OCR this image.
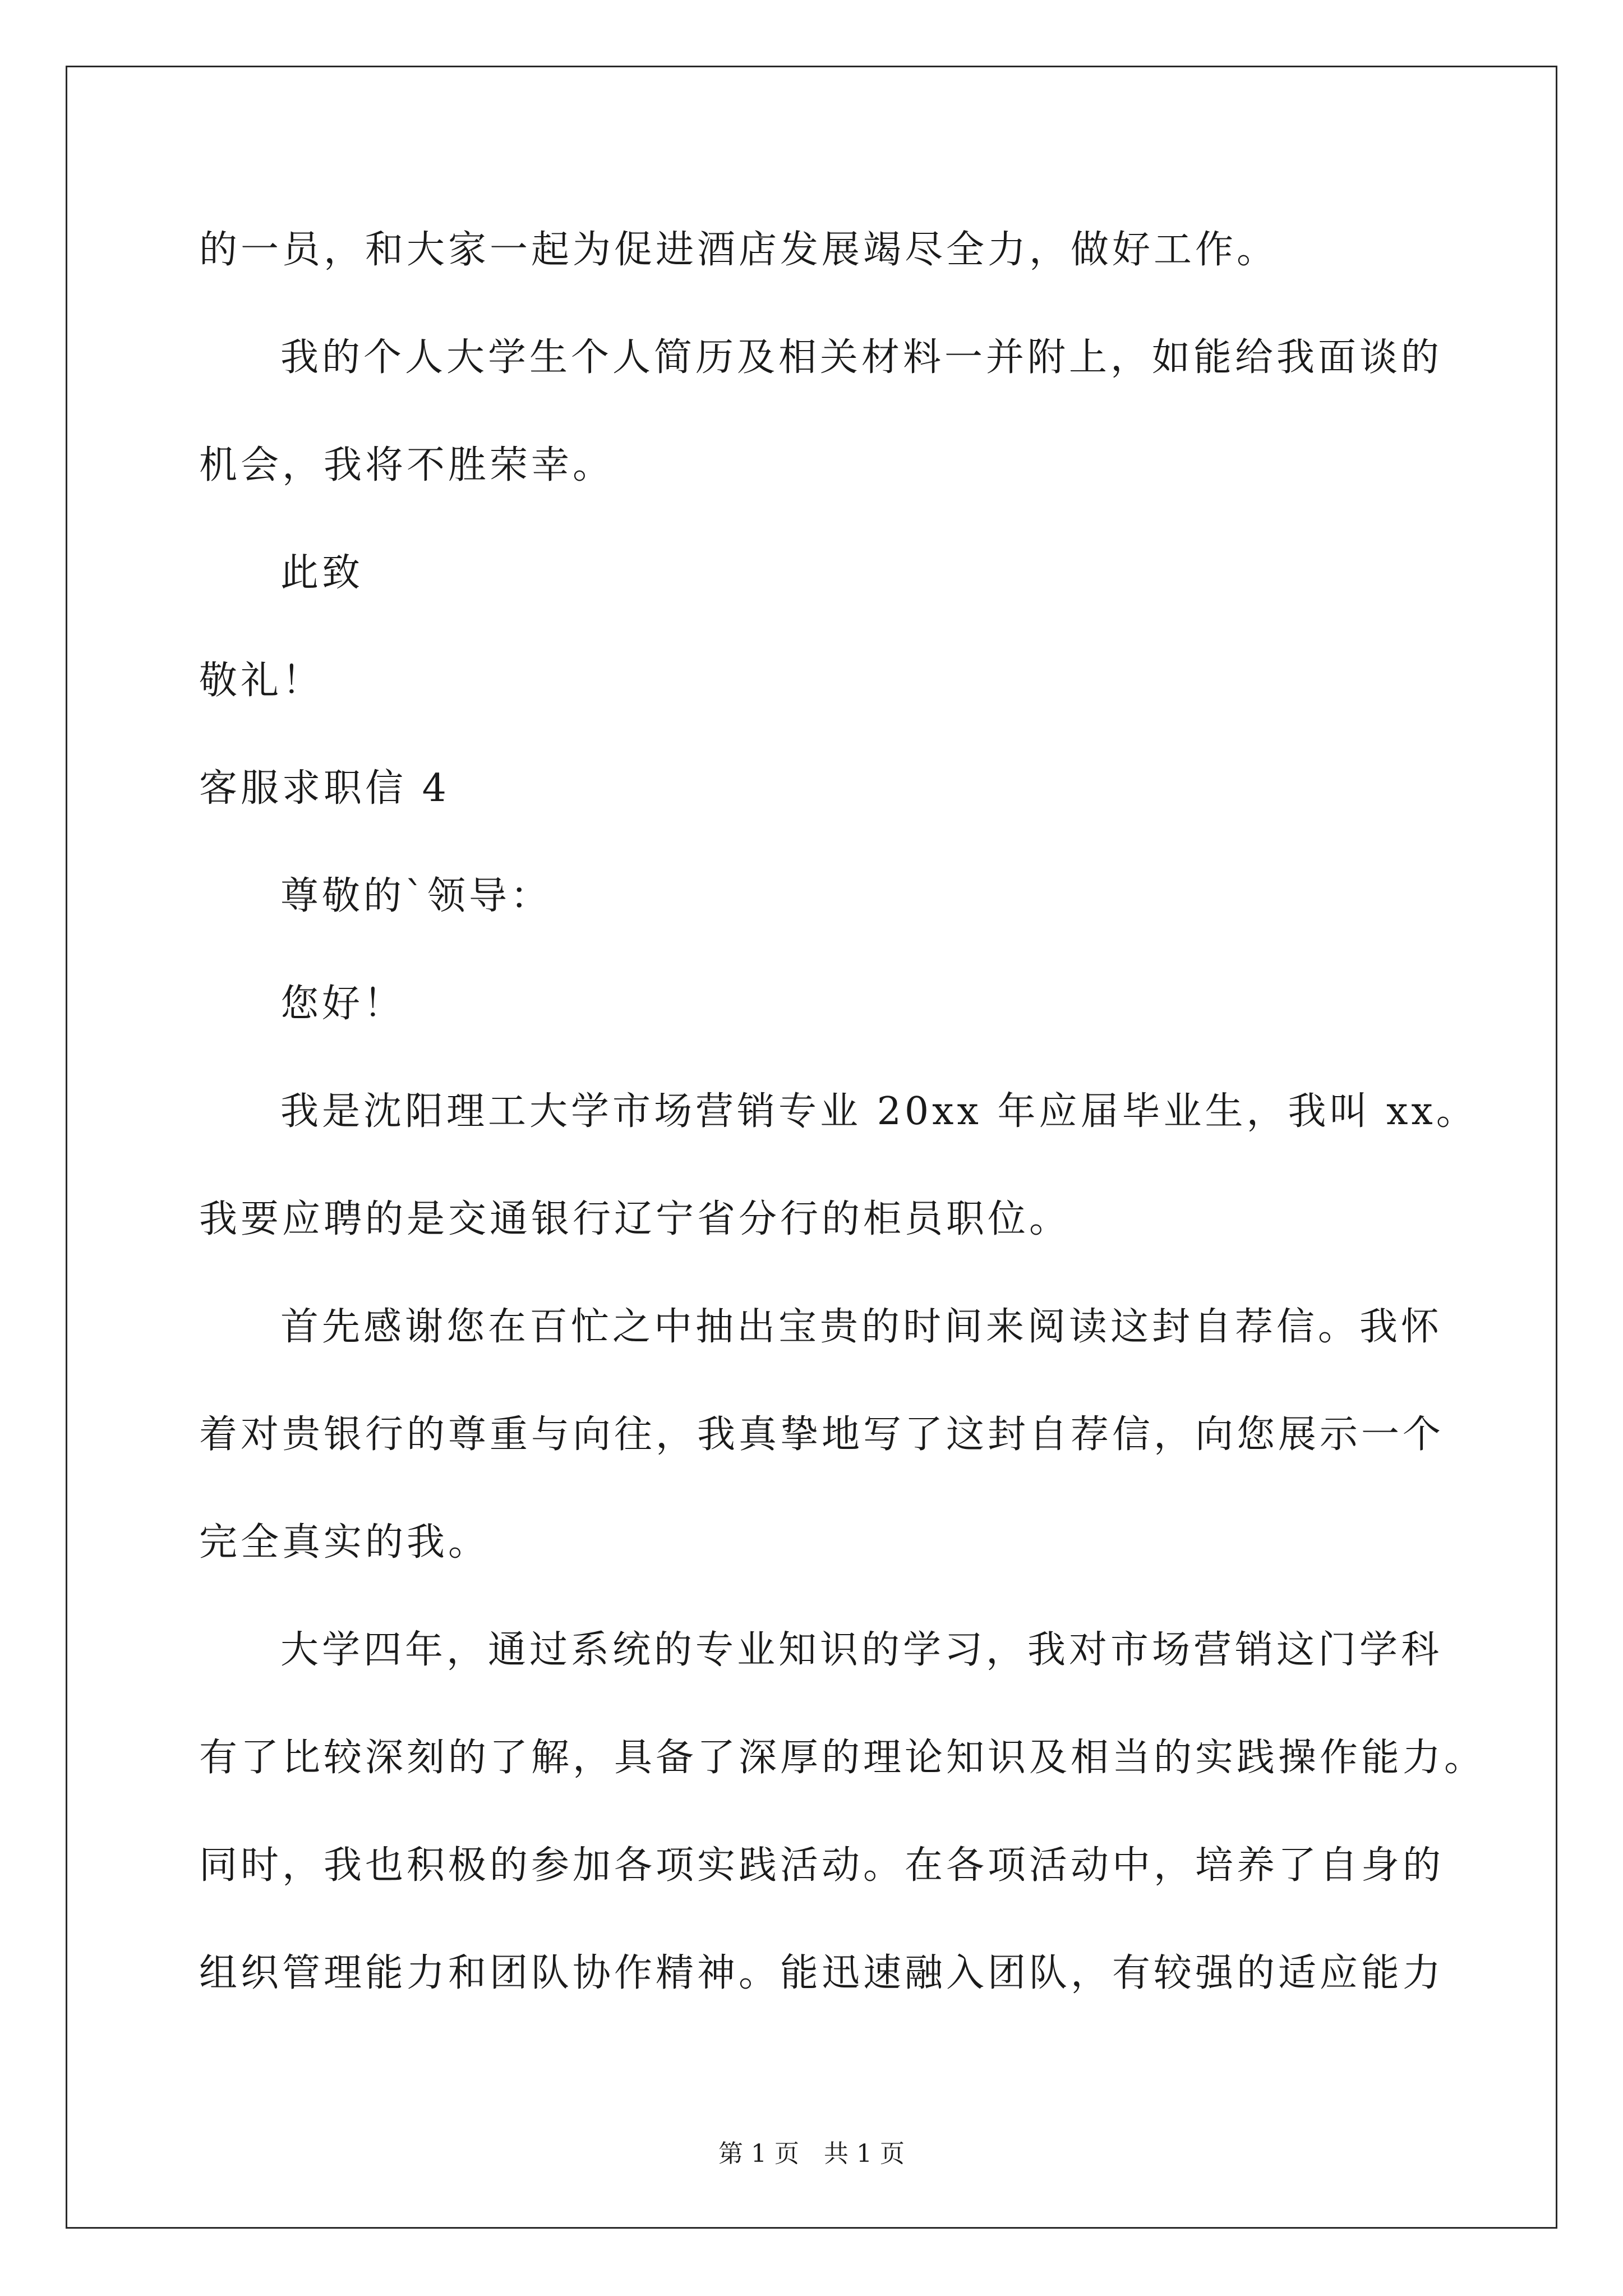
的一员，和大家一起为促进酒店发展竭尽全力，做好工作。
我的个人大学生个人简历及相关材料一并附上，如能给我面谈的
机会，我将不胜荣幸。
此致
敬礼！
客服求职信 4
尊敬的`领导：
您好！
我是沈阳理工大学市场营销专业 20xx 年应届毕业生，我叫 xx。
我要应聘的是交通银行辽宁省分行的柜员职位。
首先感谢您在百忙之中抽出宝贵的时间来阅读这封自荐信。我怀
着对贵银行的尊重与向往，我真挚地写了这封自荐信，向您展示一个
完全真实的我。
大学四年，通过系统的专业知识的学习，我对市场营销这门学科
有了比较深刻的了解，具备了深厚的理论知识及相当的实践操作能力。
同时，我也积极的参加各项实践活动。在各项活动中，培养了自身的
组织管理能力和团队协作精神。能迅速融入团队，有较强的适应能力
第 1 页　共 1 页
